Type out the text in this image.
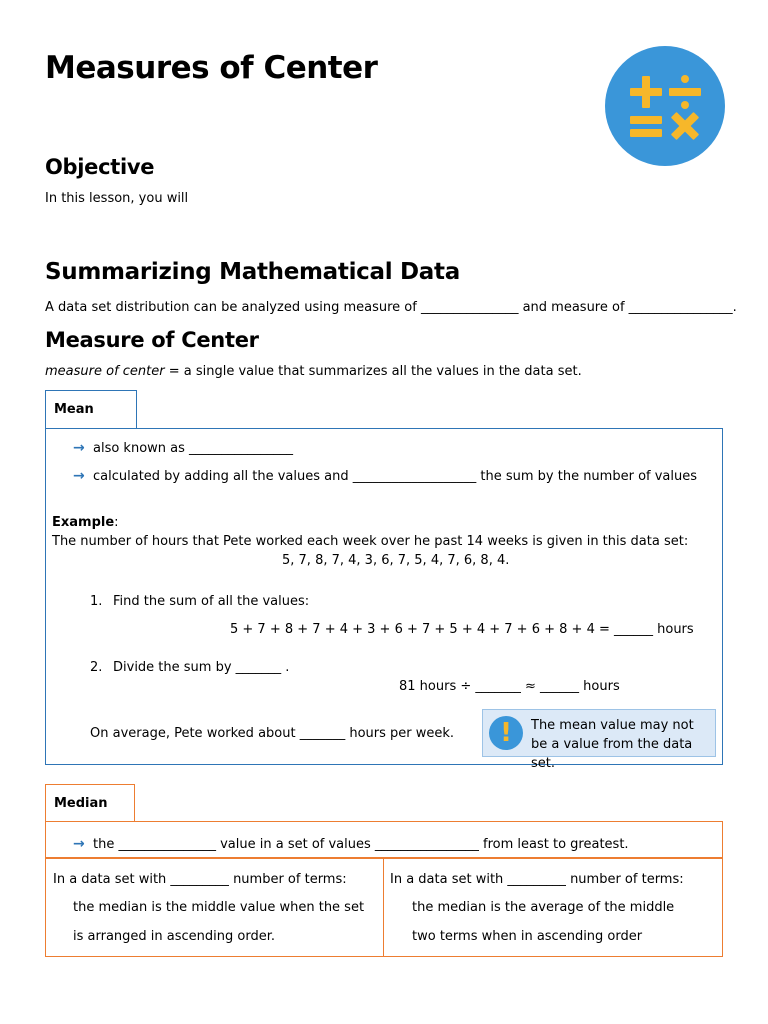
Measures of Center
Objective
In this lesson, you will
Summarizing Mathematical Data
A data set distribution can be analyzed using measure of _______________ and measure of ________________.
Measure of Center
measure of center = a single value that summarizes all the values in the data set.
Mean
→ also known as ________________
→ calculated by adding all the values and ___________________ the sum by the number of values
Example:
The number of hours that Pete worked each week over he past 14 weeks is given in this data set:
5, 7, 8, 7, 4, 3, 6, 7, 5, 4, 7, 6, 8, 4.
1. Find the sum of all the values:
5 + 7 + 8 + 7 + 4 + 3 + 6 + 7 + 5 + 4 + 7 + 6 + 8 + 4 = ______ hours
2. Divide the sum by _______ .
81 hours ÷ _______ ≈ ______ hours
On average, Pete worked about _______ hours per week.	!	The mean value may not be a value from the data set.
Median
→ the _______________ value in a set of values ________________ from least to greatest.
In a data set with _________ number of terms:
the median is the middle value when the set
is arranged in ascending order.
In a data set with _________ number of terms:
the median is the average of the middle
two terms when in ascending order
